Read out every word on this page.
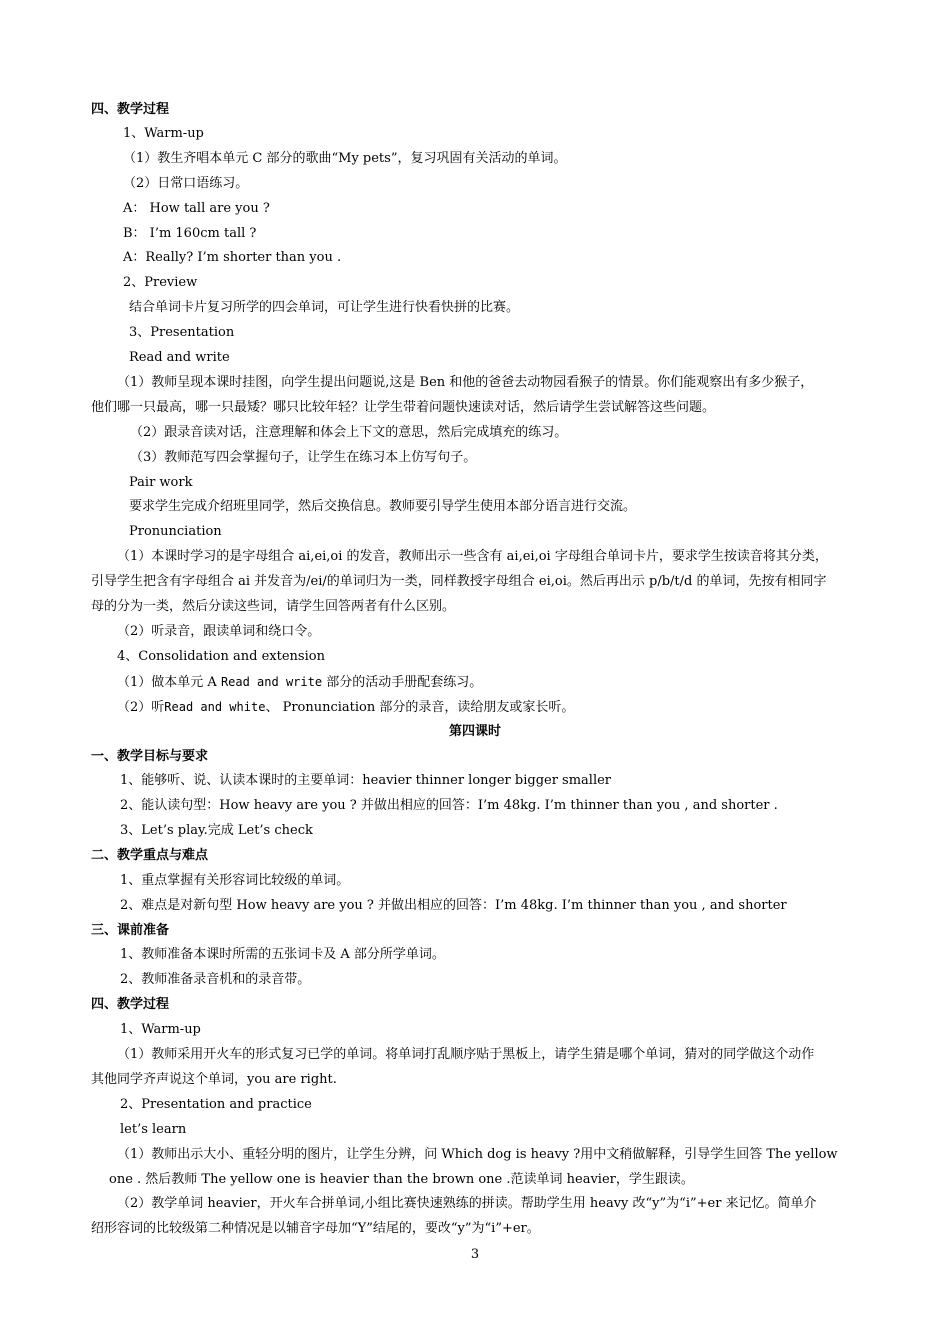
四、教学过程
1、Warm-up
（1）教生齐唱本单元 C 部分的歌曲“My pets”，复习巩固有关活动的单词。
（2）日常口语练习。
A： How tall are you ?
B： I’m 160cm tall ?
A：Really? I’m shorter than you .
2、Preview
结合单词卡片复习所学的四会单词，可让学生进行快看快拼的比赛。
3、Presentation
Read and write
（1）教师呈现本课时挂图，向学生提出问题说,这是 Ben 和他的爸爸去动物园看猴子的情景。你们能观察出有多少猴子，
他们哪一只最高，哪一只最矮？哪只比较年轻？让学生带着问题快速读对话，然后请学生尝试解答这些问题。
（2）跟录音读对话，注意理解和体会上下文的意思，然后完成填充的练习。
（3）教师范写四会掌握句子，让学生在练习本上仿写句子。
Pair work
要求学生完成介绍班里同学，然后交换信息。教师要引导学生使用本部分语言进行交流。
Pronunciation
（1）本课时学习的是字母组合 ai,ei,oi 的发音，教师出示一些含有 ai,ei,oi 字母组合单词卡片，要求学生按读音将其分类，
引导学生把含有字母组合 ai 并发音为/ei/的单词归为一类，同样教授字母组合 ei,oi。然后再出示 p/b/t/d 的单词，先按有相同字
母的分为一类，然后分读这些词，请学生回答两者有什么区别。
（2）听录音，跟读单词和绕口令。
4、Consolidation and extension
（1）做本单元 A Read and write 部分的活动手册配套练习。
（2）听Read and white、 Pronunciation 部分的录音，读给朋友或家长听。
第四课时
一、教学目标与要求
1、能够听、说、认读本课时的主要单词：heavier thinner longer bigger smaller
2、能认读句型：How heavy are you ? 并做出相应的回答：I’m 48kg. I’m thinner than you , and shorter .
3、Let’s play.完成 Let’s check
二、教学重点与难点
1、重点掌握有关形容词比较级的单词。
2、难点是对新句型 How heavy are you ? 并做出相应的回答：I’m 48kg. I’m thinner than you , and shorter
三、课前准备
1、教师准备本课时所需的五张词卡及 A 部分所学单词。
2、教师准备录音机和的录音带。
四、教学过程
1、Warm-up
（1）教师采用开火车的形式复习已学的单词。将单词打乱顺序贴于黑板上，请学生猜是哪个单词，猜对的同学做这个动作
其他同学齐声说这个单词，you are right.
2、Presentation and practice
let’s learn
（1）教师出示大小、重轻分明的图片，让学生分辨，问 Which dog is heavy ?用中文稍做解释，引导学生回答 The yellow
one . 然后教师 The yellow one is heavier than the brown one .范读单词 heavier，学生跟读。
（2）教学单词 heavier，开火车合拼单词,小组比赛快速熟练的拼读。帮助学生用 heavy 改“y”为“i”+er 来记忆。简单介
绍形容词的比较级第二种情况是以辅音字母加“Y”结尾的，要改“y”为“i”+er。
3
